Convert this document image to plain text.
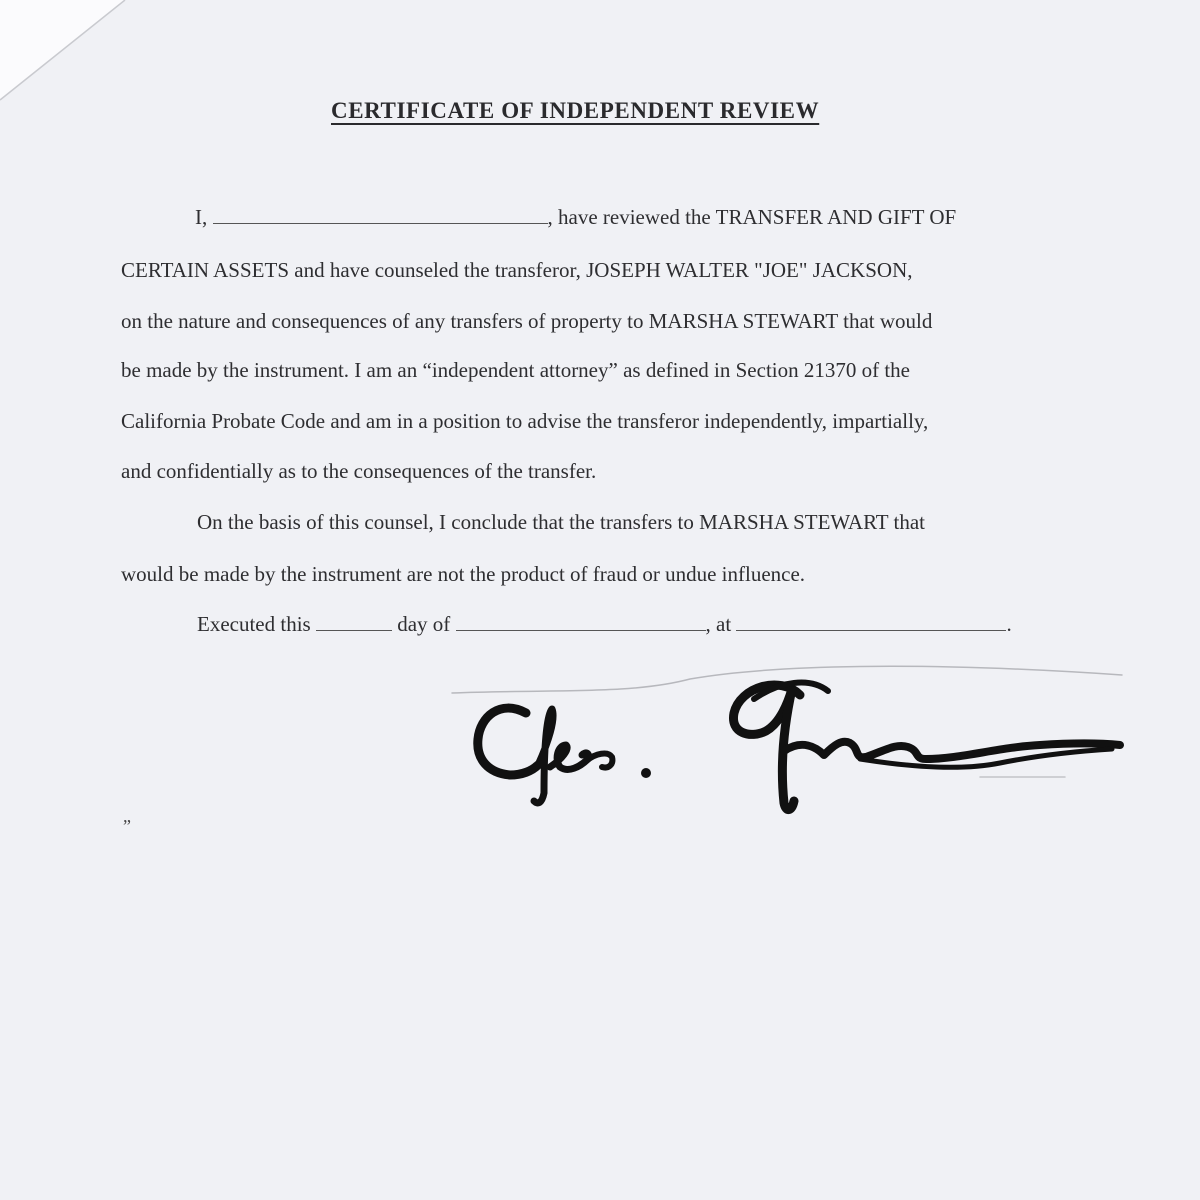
CERTIFICATE OF INDEPENDENT REVIEW

I,	, have reviewed the TRANSFER AND GIFT OF

CERTAIN ASSETS and have counseled the transferor, JOSEPH WALTER "JOE" JACKSON,

on the nature and consequences of any transfers of property to MARSHA STEWART that would

be made by the instrument. I am an “independent attorney” as defined in Section 21370 of the

California Probate Code and am in a position to advise the transferor independently, impartially,

and confidentially as to the consequences of the transfer.

On the basis of this counsel, I conclude that the transfers to MARSHA STEWART that

would be made by the instrument are not the product of fraud or undue influence.

Executed this	day of	, at	.

”
